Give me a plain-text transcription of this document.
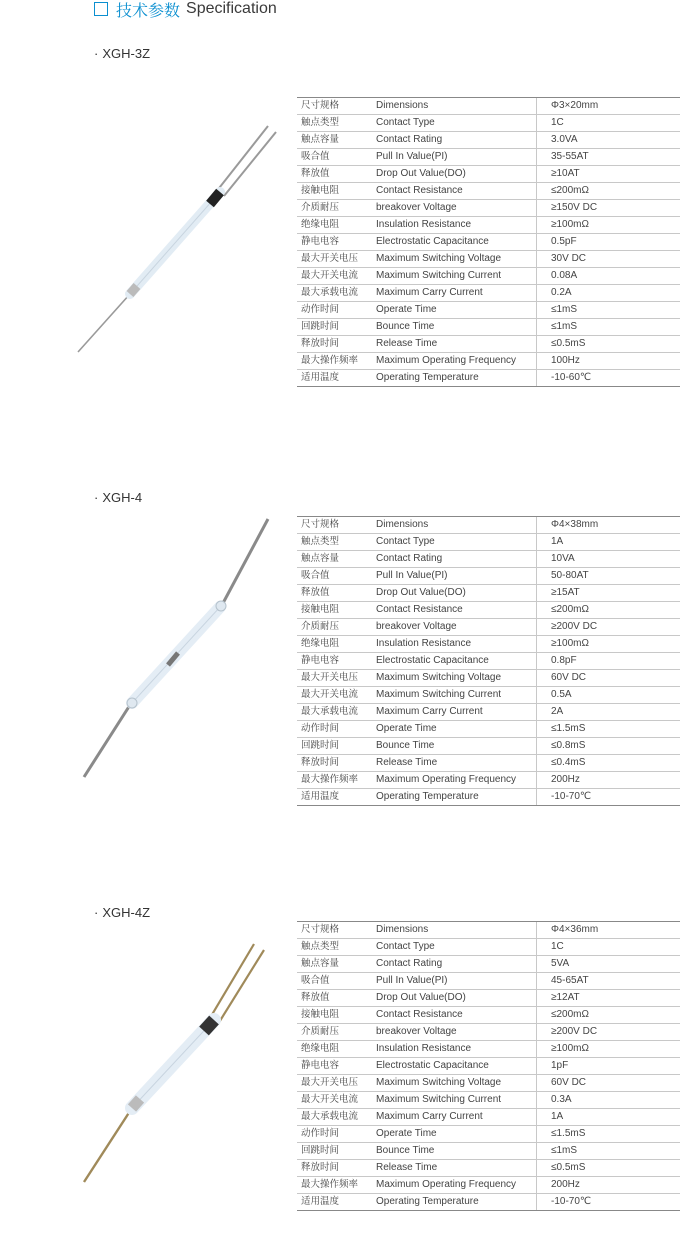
技术参数 Specification
· XGH-3Z
尺寸规格	Dimensions	Φ3×20mm
触点类型	Contact Type	1C
触点容量	Contact Rating	3.0VA
吸合值	Pull In Value(PI)	35-55AT
释放值	Drop Out Value(DO)	≥10AT
接触电阻	Contact Resistance	≤200mΩ
介质耐压	breakover Voltage	≥150V DC
绝缘电阻	Insulation Resistance	≥100mΩ
静电电容	Electrostatic Capacitance	0.5pF
最大开关电压	Maximum Switching Voltage	30V DC
最大开关电流	Maximum Switching Current	0.08A
最大承载电流	Maximum Carry Current	0.2A
动作时间	Operate Time	≤1mS
回跳时间	Bounce Time	≤1mS
释放时间	Release Time	≤0.5mS
最大操作频率	Maximum Operating Frequency	100Hz
适用温度	Operating Temperature	-10-60℃
· XGH-4
尺寸规格	Dimensions	Φ4×38mm
触点类型	Contact Type	1A
触点容量	Contact Rating	10VA
吸合值	Pull In Value(PI)	50-80AT
释放值	Drop Out Value(DO)	≥15AT
接触电阻	Contact Resistance	≤200mΩ
介质耐压	breakover Voltage	≥200V DC
绝缘电阻	Insulation Resistance	≥100mΩ
静电电容	Electrostatic Capacitance	0.8pF
最大开关电压	Maximum Switching Voltage	60V DC
最大开关电流	Maximum Switching Current	0.5A
最大承载电流	Maximum Carry Current	2A
动作时间	Operate Time	≤1.5mS
回跳时间	Bounce Time	≤0.8mS
释放时间	Release Time	≤0.4mS
最大操作频率	Maximum Operating Frequency	200Hz
适用温度	Operating Temperature	-10-70℃
· XGH-4Z
尺寸规格	Dimensions	Φ4×36mm
触点类型	Contact Type	1C
触点容量	Contact Rating	5VA
吸合值	Pull In Value(PI)	45-65AT
释放值	Drop Out Value(DO)	≥12AT
接触电阻	Contact Resistance	≤200mΩ
介质耐压	breakover Voltage	≥200V DC
绝缘电阻	Insulation Resistance	≥100mΩ
静电电容	Electrostatic Capacitance	1pF
最大开关电压	Maximum Switching Voltage	60V DC
最大开关电流	Maximum Switching Current	0.3A
最大承载电流	Maximum Carry Current	1A
动作时间	Operate Time	≤1.5mS
回跳时间	Bounce Time	≤1mS
释放时间	Release Time	≤0.5mS
最大操作频率	Maximum Operating Frequency	200Hz
适用温度	Operating Temperature	-10-70℃
